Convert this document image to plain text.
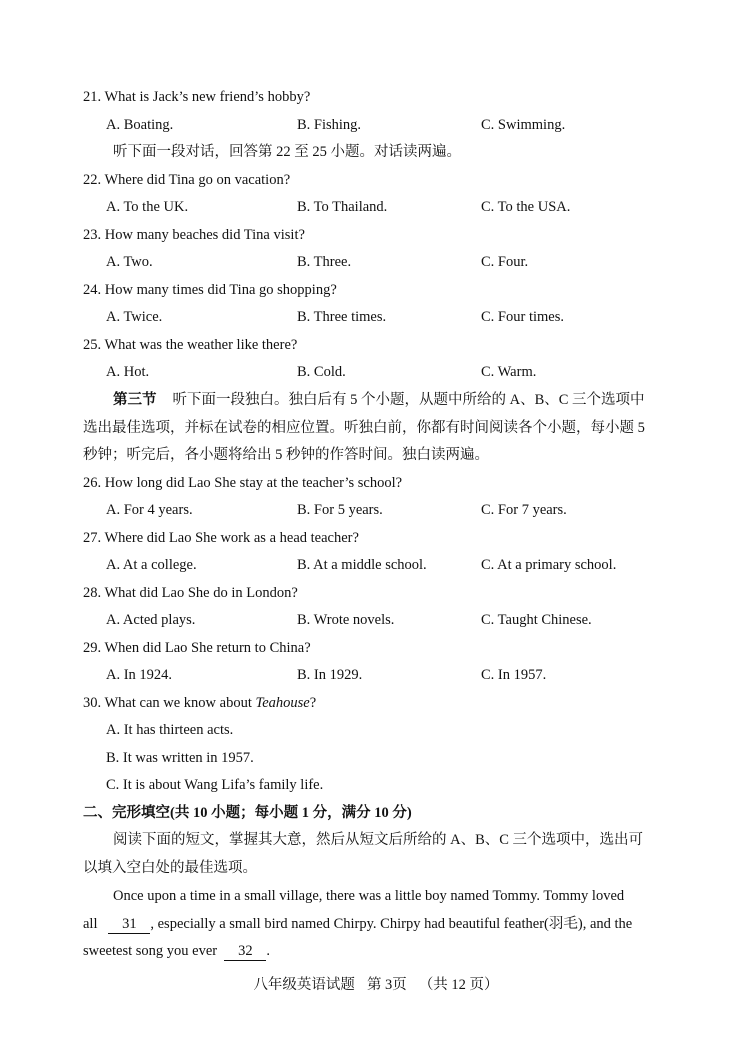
21. What is Jack’s new friend’s hobby?
A. Boating.	B. Fishing.	C. Swimming.
听下面一段对话，回答第 22 至 25 小题。对话读两遍。
22. Where did Tina go on vacation?
A. To the UK.	B. To Thailand.	C. To the USA.
23. How many beaches did Tina visit?
A. Two.	B. Three.	C. Four.
24. How many times did Tina go shopping?
A. Twice.	B. Three times.	C. Four times.
25. What was the weather like there?
A. Hot.	B. Cold.	C. Warm.
第三节 听下面一段独白。独白后有 5 个小题，从题中所给的 A、B、C 三个选项中
选出最佳选项，并标在试卷的相应位置。听独白前，你都有时间阅读各个小题，每小题 5
秒钟；听完后，各小题将给出 5 秒钟的作答时间。独白读两遍。
26. How long did Lao She stay at the teacher’s school?
A. For 4 years.	B. For 5 years.	C. For 7 years.
27. Where did Lao She work as a head teacher?
A. At a college.	B. At a middle school.	C. At a primary school.
28. What did Lao She do in London?
A. Acted plays.	B. Wrote novels.	C. Taught Chinese.
29. When did Lao She return to China?
A. In 1924.	B. In 1929.	C. In 1957.
30. What can we know about Teahouse?
A. It has thirteen acts.
B. It was written in 1957.
C. It is about Wang Lifa’s family life.
二、完形填空(共 10 小题；每小题 1 分，满分 10 分)
阅读下面的短文，掌握其大意，然后从短文后所给的 A、B、C 三个选项中，选出可
以填入空白处的最佳选项。
Once upon a time in a small village, there was a little boy named Tommy. Tommy loved
all 31 , especially a small bird named Chirpy. Chirpy had beautiful feather(羽毛), and the
sweetest song you ever 32 .
八年级英语试题 第 3页 （共 12 页）
